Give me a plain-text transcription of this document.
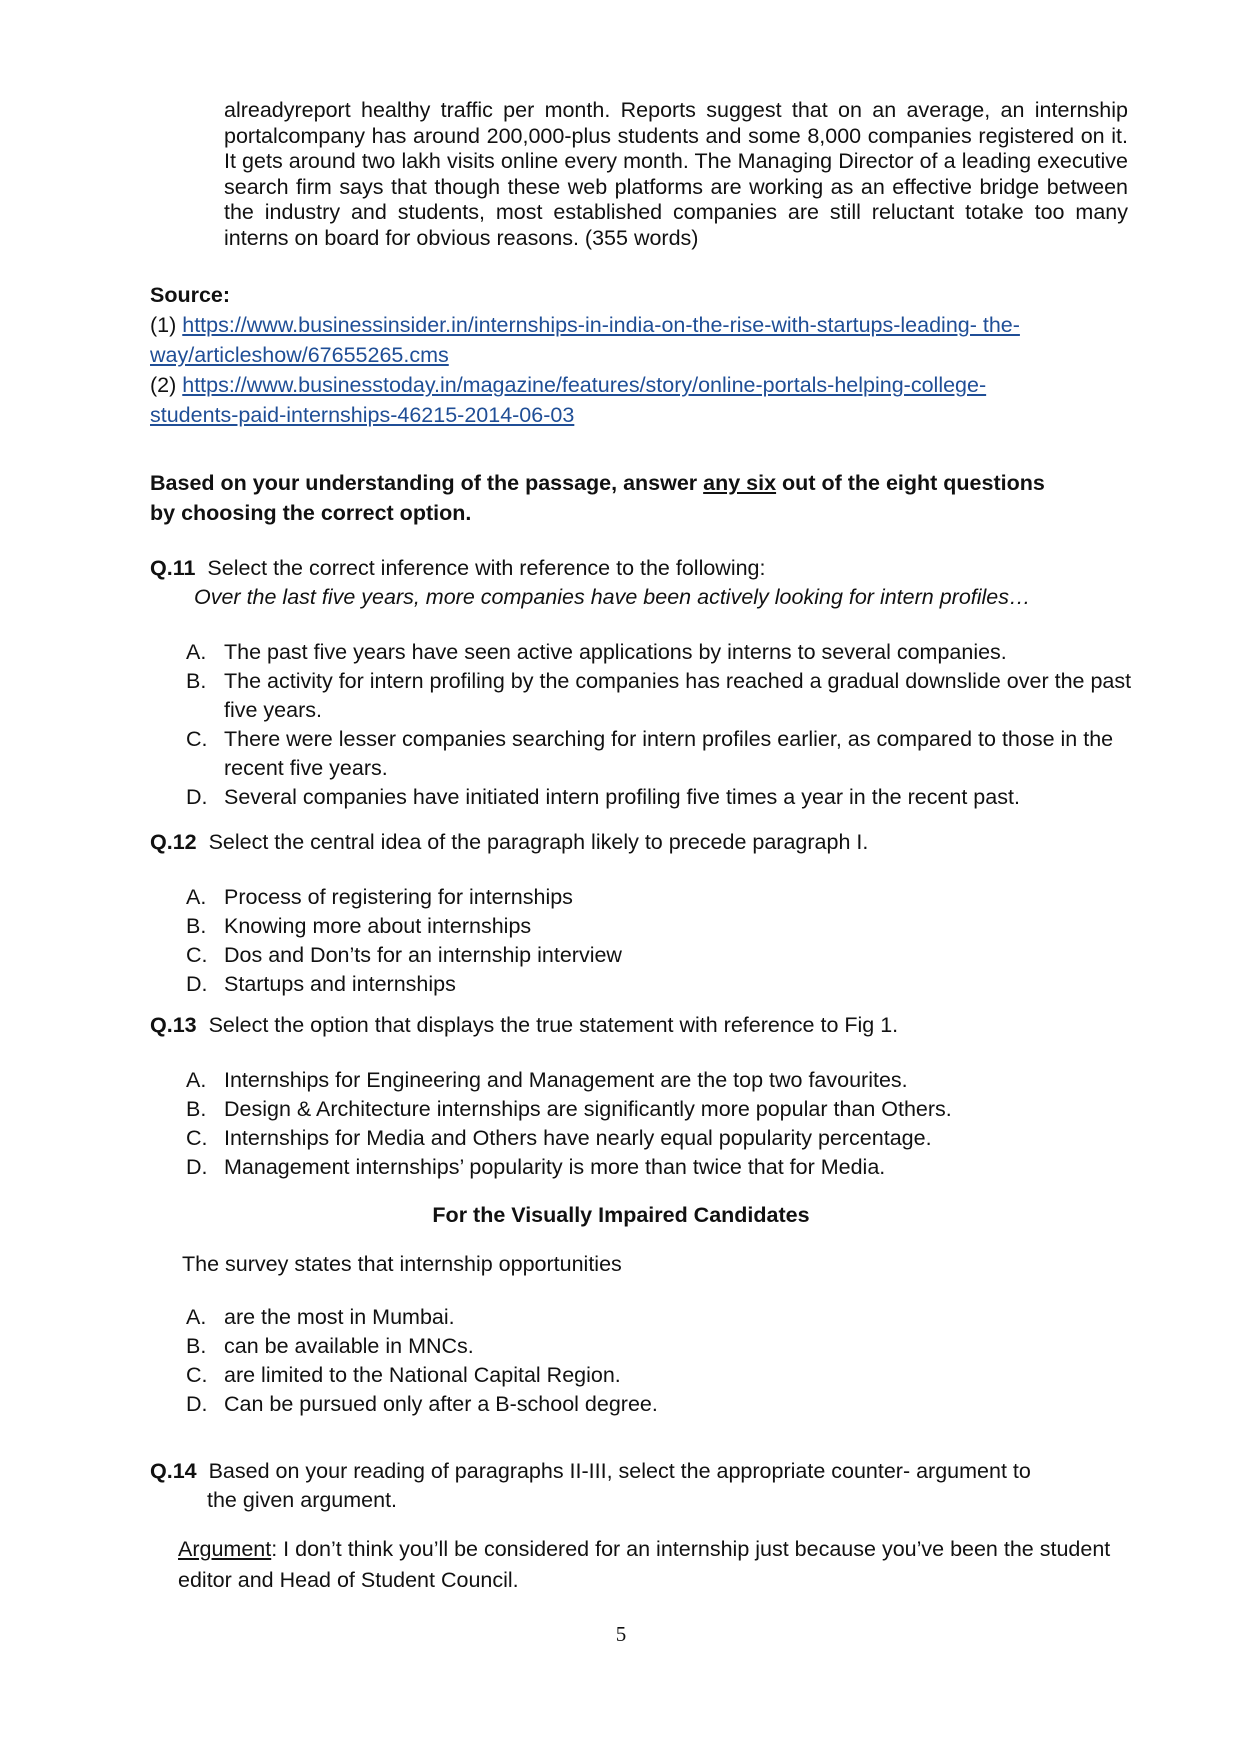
alreadyreport healthy traffic per month. Reports suggest that on an average, an internship portalcompany has around 200,000-plus students and some 8,000 companies registered on it. It gets around two lakh visits online every month. The Managing Director of a leading executive search firm says that though these web platforms are working as an effective bridge between the industry and students, most established companies are still reluctant totake too many interns on board for obvious reasons. (355 words)

Source:
(1) https://www.businessinsider.in/internships-in-india-on-the-rise-with-startups-leading- the-
way/articleshow/67655265.cms
(2) https://www.businesstoday.in/magazine/features/story/online-portals-helping-college-
students-paid-internships-46215-2014-06-03
Based on your understanding of the passage, answer any six out of the eight questions
by choosing the correct option.
Q.11 Select the correct inference with reference to the following:
Over the last five years, more companies have been actively looking for intern profiles…
A. The past five years have seen active applications by interns to several companies.
B. The activity for intern profiling by the companies has reached a gradual downslide over the past five years.
C. There were lesser companies searching for intern profiles earlier, as compared to those in the recent five years.
D. Several companies have initiated intern profiling five times a year in the recent past.
Q.12 Select the central idea of the paragraph likely to precede paragraph I.
A. Process of registering for internships
B. Knowing more about internships
C. Dos and Don’ts for an internship interview
D. Startups and internships
Q.13 Select the option that displays the true statement with reference to Fig 1.
A. Internships for Engineering and Management are the top two favourites.
B. Design & Architecture internships are significantly more popular than Others.
C. Internships for Media and Others have nearly equal popularity percentage.
D. Management internships’ popularity is more than twice that for Media.
For the Visually Impaired Candidates
The survey states that internship opportunities
A. are the most in Mumbai.
B. can be available in MNCs.
C. are limited to the National Capital Region.
D. Can be pursued only after a B-school degree.
Q.14 Based on your reading of paragraphs II-III, select the appropriate counter- argument to
the given argument.
Argument: I don’t think you’ll be considered for an internship just because you’ve been the student editor and Head of Student Council.
5
